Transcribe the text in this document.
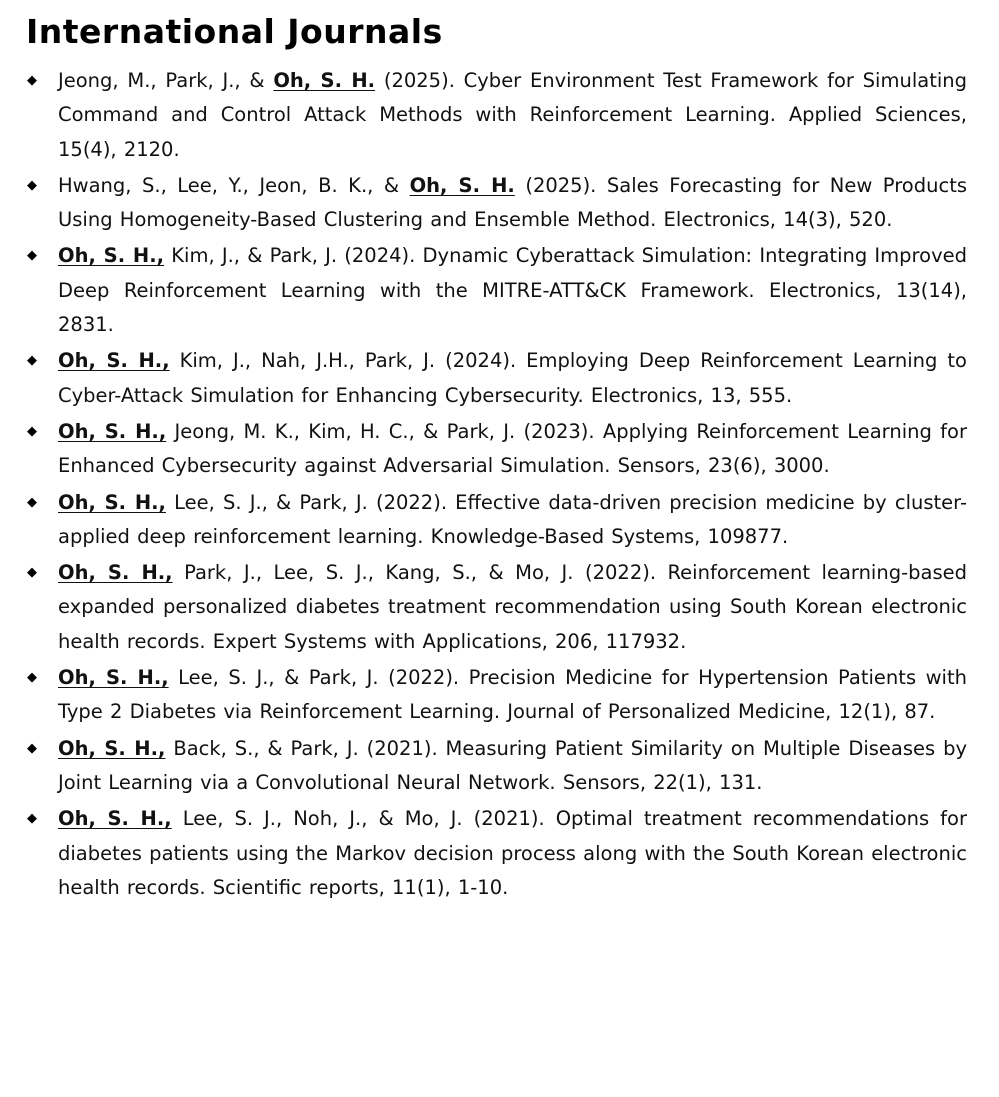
International Journals
◆ Jeong, M., Park, J., & Oh, S. H. (2025). Cyber Environment Test Framework for Simulating Command and Control Attack Methods with Reinforcement Learning. Applied Sciences, 15(4), 2120.
◆ Hwang, S., Lee, Y., Jeon, B. K., & Oh, S. H. (2025). Sales Forecasting for New Products Using Homogeneity-Based Clustering and Ensemble Method. Electronics, 14(3), 520.
◆ Oh, S. H., Kim, J., & Park, J. (2024). Dynamic Cyberattack Simulation: Integrating Improved Deep Reinforcement Learning with the MITRE-ATT&CK Framework. Electronics, 13(14), 2831.
◆ Oh, S. H., Kim, J., Nah, J.H., Park, J. (2024). Employing Deep Reinforcement Learning to Cyber-Attack Simulation for Enhancing Cybersecurity. Electronics, 13, 555.
◆ Oh, S. H., Jeong, M. K., Kim, H. C., & Park, J. (2023). Applying Reinforcement Learning for Enhanced Cybersecurity against Adversarial Simulation. Sensors, 23(6), 3000.
◆ Oh, S. H., Lee, S. J., & Park, J. (2022). Effective data-driven precision medicine by cluster-applied deep reinforcement learning. Knowledge-Based Systems, 109877.
◆ Oh, S. H., Park, J., Lee, S. J., Kang, S., & Mo, J. (2022). Reinforcement learning-based expanded personalized diabetes treatment recommendation using South Korean electronic health records. Expert Systems with Applications, 206, 117932.
◆ Oh, S. H., Lee, S. J., & Park, J. (2022). Precision Medicine for Hypertension Patients with Type 2 Diabetes via Reinforcement Learning. Journal of Personalized Medicine, 12(1), 87.
◆ Oh, S. H., Back, S., & Park, J. (2021). Measuring Patient Similarity on Multiple Diseases by Joint Learning via a Convolutional Neural Network. Sensors, 22(1), 131.
◆ Oh, S. H., Lee, S. J., Noh, J., & Mo, J. (2021). Optimal treatment recommendations for diabetes patients using the Markov decision process along with the South Korean electronic health records. Scientific reports, 11(1), 1-10.
